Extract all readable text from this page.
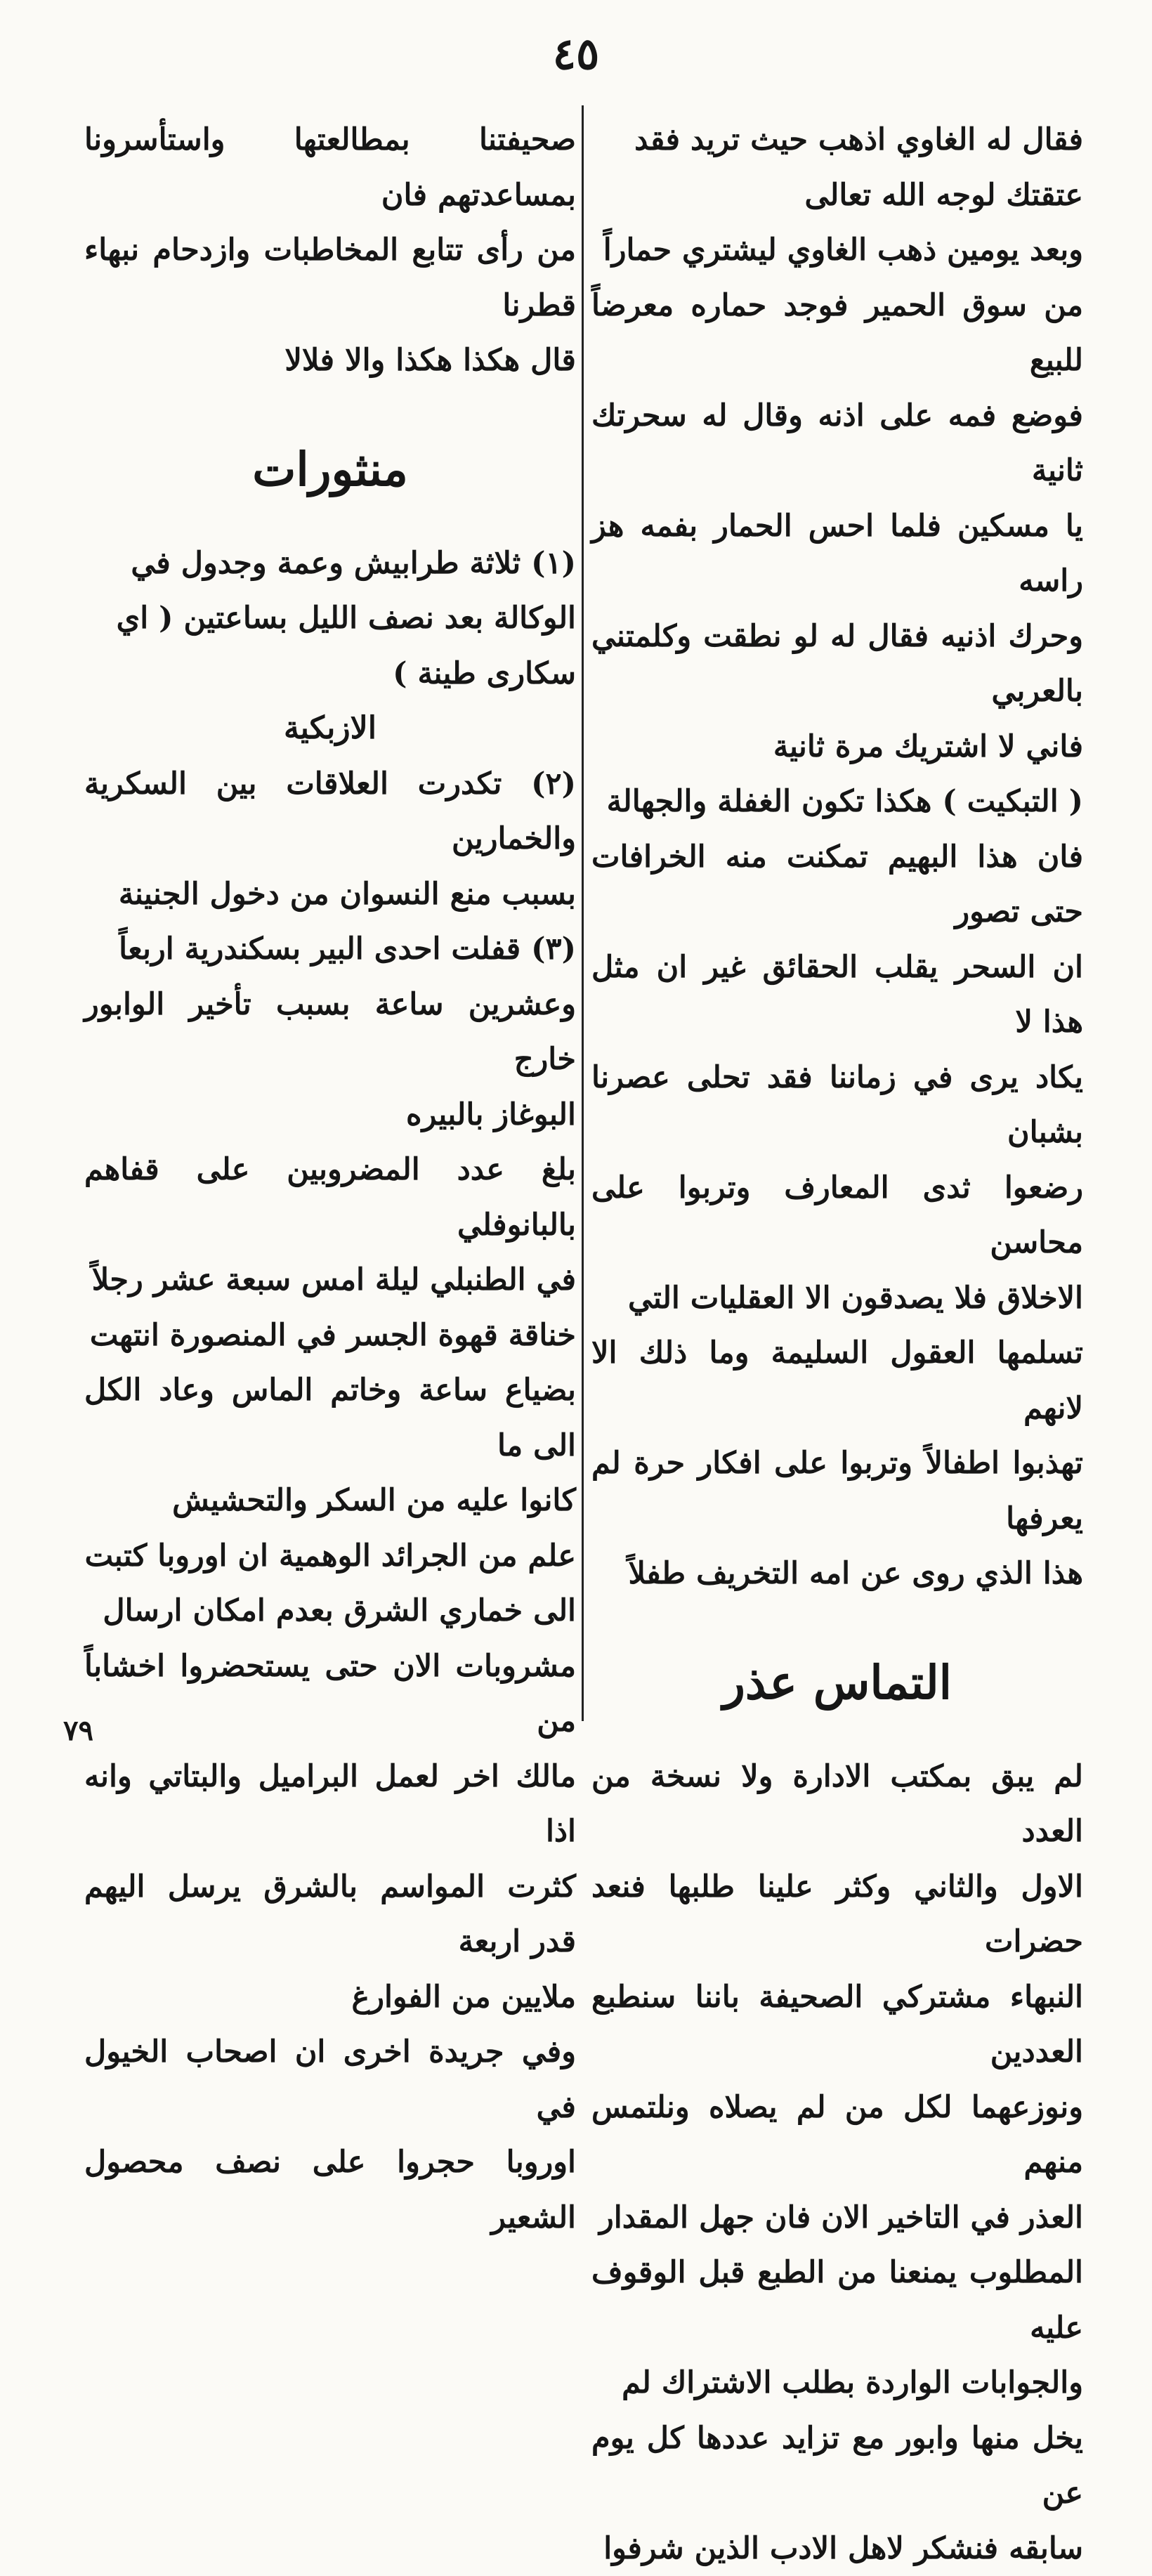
٤٥

فقال له الغاوي اذهب حيث تريد فقد

عتقتك لوجه الله تعالى

وبعد يومين ذهب الغاوي ليشتري حماراً

من سوق الحمير فوجد حماره معرضاً للبيع

فوضع فمه على اذنه وقال له سحرتك ثانية

يا مسكين فلما احس الحمار بفمه هز راسه

وحرك اذنيه فقال له لو نطقت وكلمتني بالعربي

فاني لا اشتريك مرة ثانية

( التبكيت ) هكذا تكون الغفلة والجهالة

فان هذا البهيم تمكنت منه الخرافات حتى تصور

ان السحر يقلب الحقائق غير ان مثل هذا لا

يكاد يرى في زماننا فقد تحلى عصرنا بشبان

رضعوا ثدى المعارف وتربوا على محاسن

الاخلاق فلا يصدقون الا العقليات التي

تسلمها العقول السليمة وما ذلك الا لانهم

تهذبوا اطفالاً وتربوا على افكار حرة لم يعرفها

هذا الذي روى عن امه التخريف طفلاً

التماس عذر

لم يبق بمكتب الادارة ولا نسخة من العدد

الاول والثاني وكثر علينا طلبها فنعد حضرات

النبهاء مشتركي الصحيفة باننا سنطبع العددين

ونوزعهما لكل من لم يصلاه ونلتمس منهم

العذر في التاخير الان فان جهل المقدار

المطلوب يمنعنا من الطبع قبل الوقوف عليه

والجوابات الواردة بطلب الاشتراك لم

يخل منها وابور مع تزايد عددها كل يوم عن

سابقه فنشكر لاهل الادب الذين شرفوا

صحيفتنا بمطالعتها واستأسرونا بمساعدتهم فان

من رأى تتابع المخاطبات وازدحام نبهاء قطرنا

قال هكذا هكذا والا فلالا

منثورات

(١) ثلاثة طرابيش وعمة وجدول في

الوكالة بعد نصف الليل بساعتين ( اي

سكارى طينة )

الازبكية

(٢) تكدرت العلاقات بين السكرية والخمارين

بسبب منع النسوان من دخول الجنينة

(٣) قفلت احدى البير بسكندرية اربعاً

وعشرين ساعة بسبب تأخير الوابور خارج

البوغاز بالبيره

بلغ عدد المضروبين على قفاهم بالبانوفلي

في الطنبلي ليلة امس سبعة عشر رجلاً

خناقة قهوة الجسر في المنصورة انتهت

بضياع ساعة وخاتم الماس وعاد الكل الى ما

كانوا عليه من السكر والتحشيش

علم من الجرائد الوهمية ان اوروبا كتبت

الى خماري الشرق بعدم امكان ارسال

مشروبات الان حتى يستحضروا اخشاباً من

مالك اخر لعمل البراميل والبتاتي وانه اذا

كثرت المواسم بالشرق يرسل اليهم قدر اربعة

ملايين من الفوارغ

وفي جريدة اخرى ان اصحاب الخيول في

اوروبا حجروا على نصف محصول الشعير

٧٩
